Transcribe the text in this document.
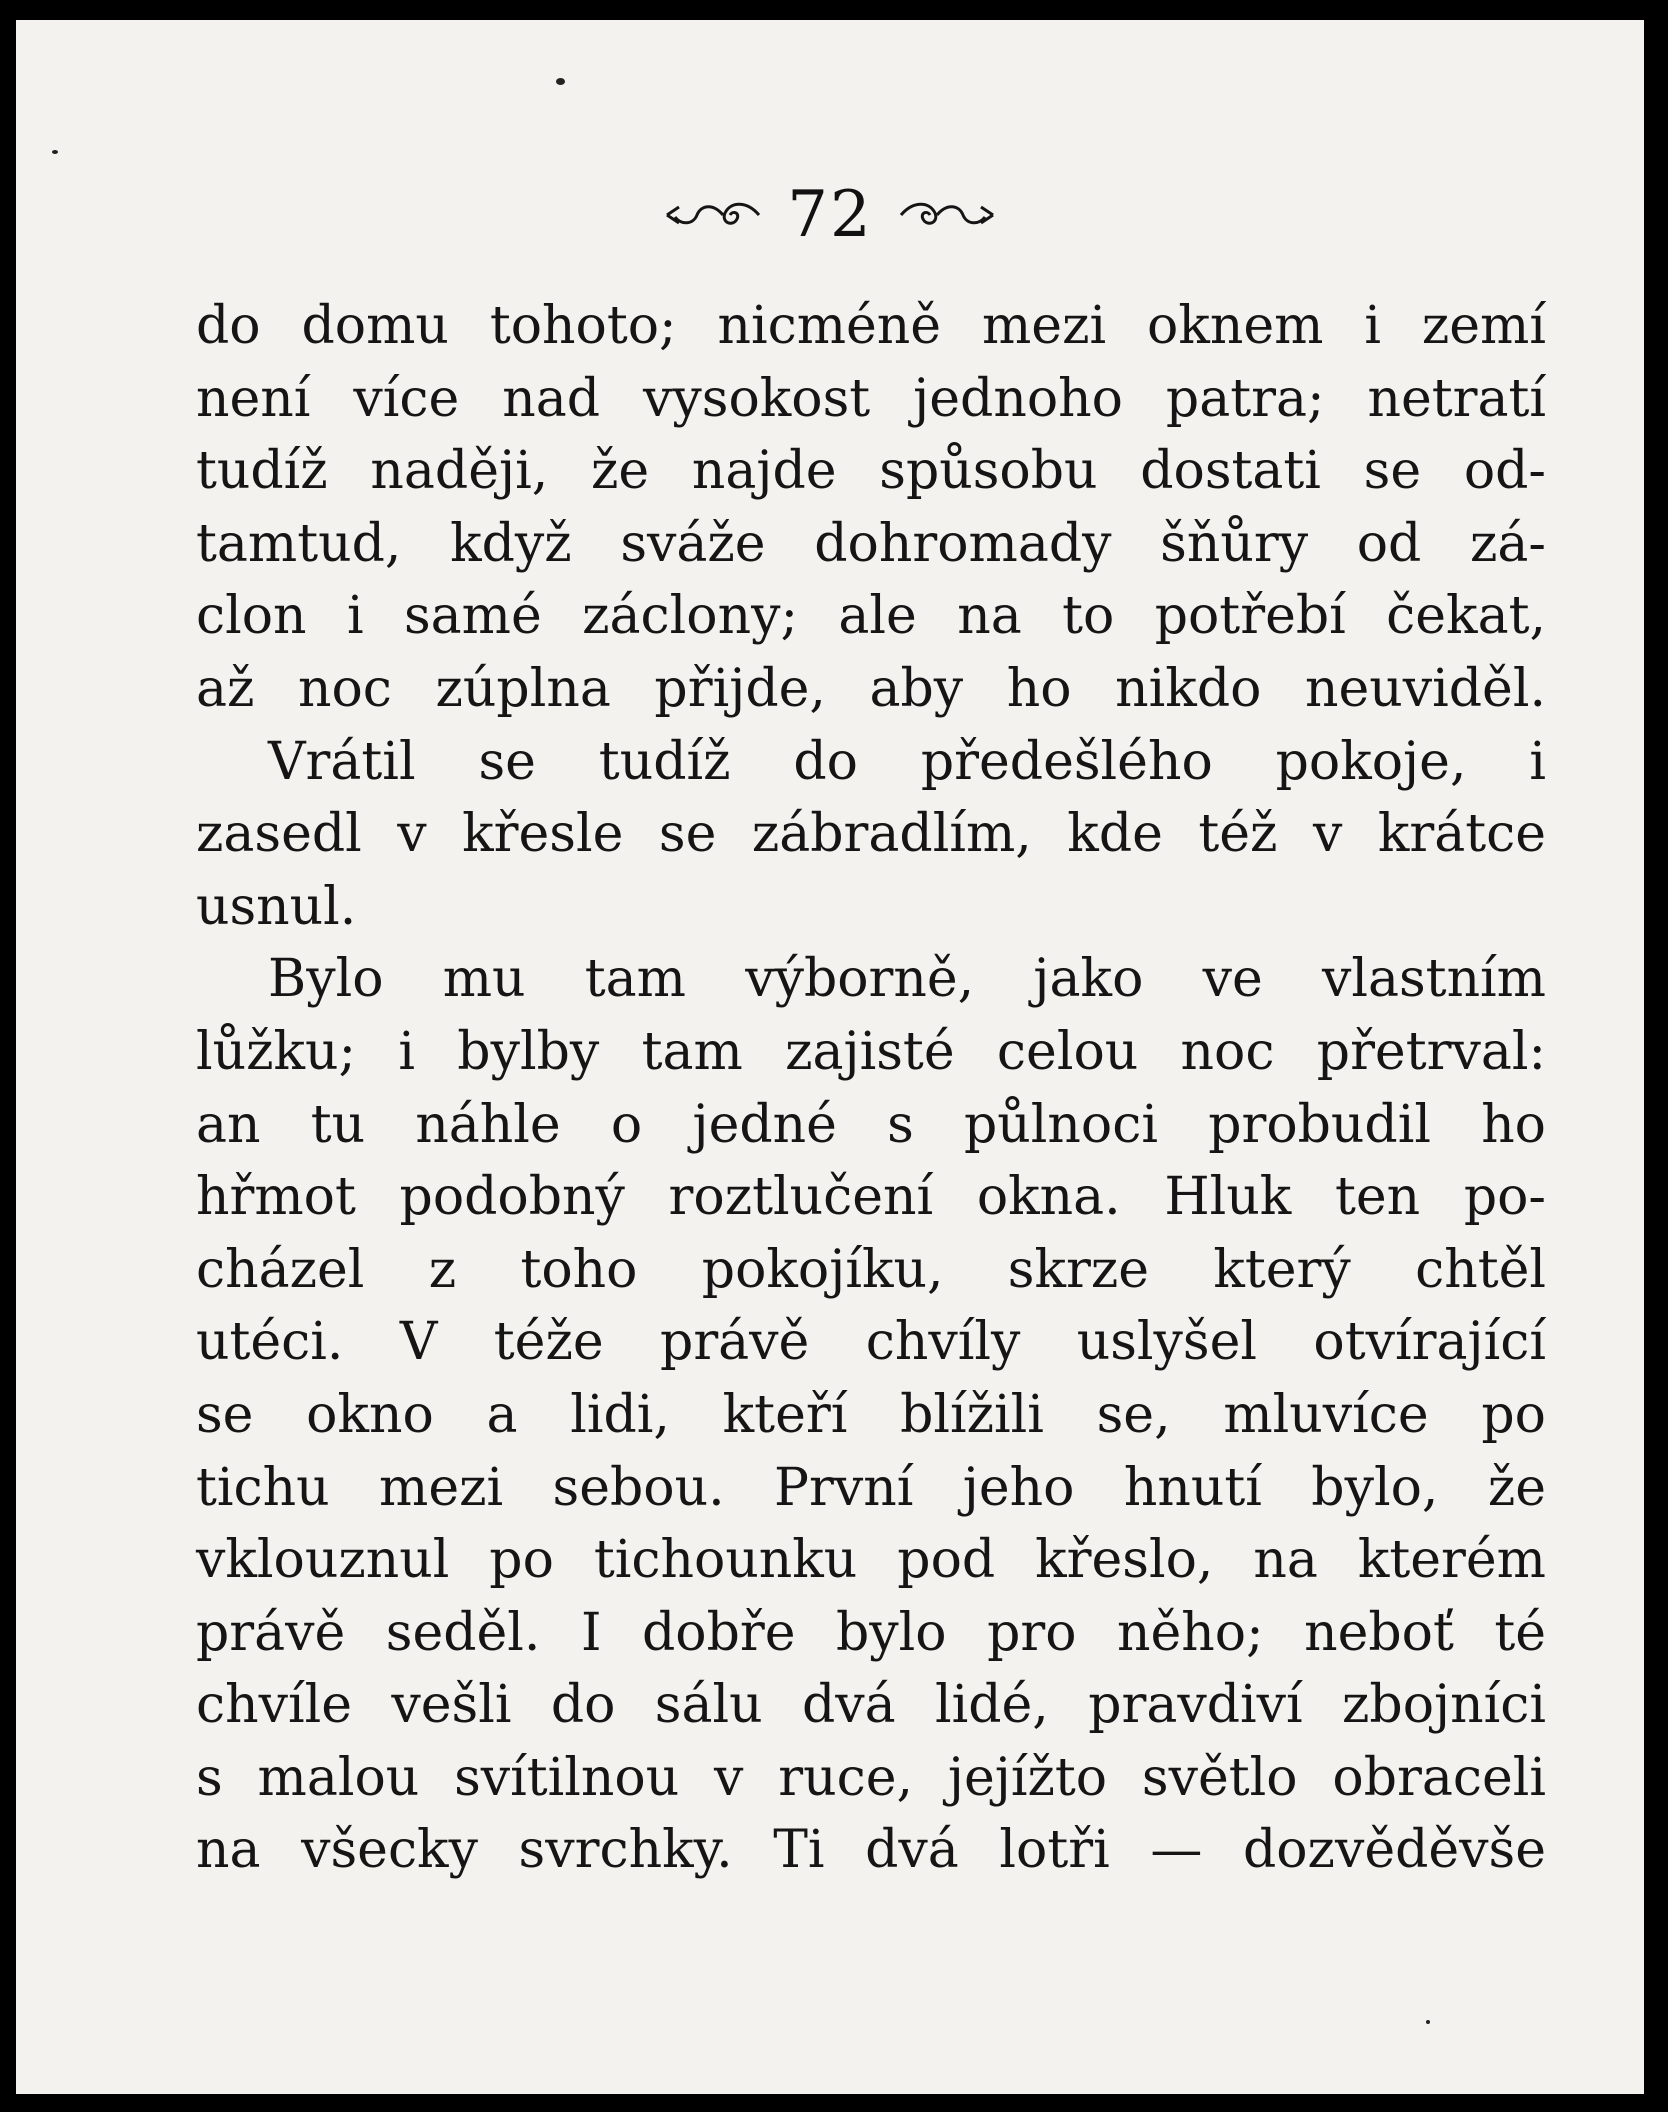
72
do domu tohoto; nicméně mezi oknem i zemí
není více nad vysokost jednoho patra; netratí
tudíž naději, že najde spůsobu dostati se od-
tamtud, když sváže dohromady šňůry od zá-
clon i samé záclony; ale na to potřebí čekat,
až noc zúplna přijde, aby ho nikdo neuviděl.
Vrátil se tudíž do předešlého pokoje, i
zasedl v křesle se zábradlím, kde též v krátce
usnul.
Bylo mu tam výborně, jako ve vlastním
lůžku; i bylby tam zajisté celou noc přetrval:
an tu náhle o jedné s půlnoci probudil ho
hřmot podobný roztlučení okna. Hluk ten po-
cházel z toho pokojíku, skrze který chtěl
utéci. V téže právě chvíly uslyšel otvírající
se okno a lidi, kteří blížili se, mluvíce po
tichu mezi sebou. První jeho hnutí bylo, že
vklouznul po tichounku pod křeslo, na kterém
právě seděl. I dobře bylo pro něho; neboť té
chvíle vešli do sálu dvá lidé, pravdiví zbojníci
s malou svítilnou v ruce, jejížto světlo obraceli
na všecky svrchky. Ti dvá lotři — dozvěděvše
